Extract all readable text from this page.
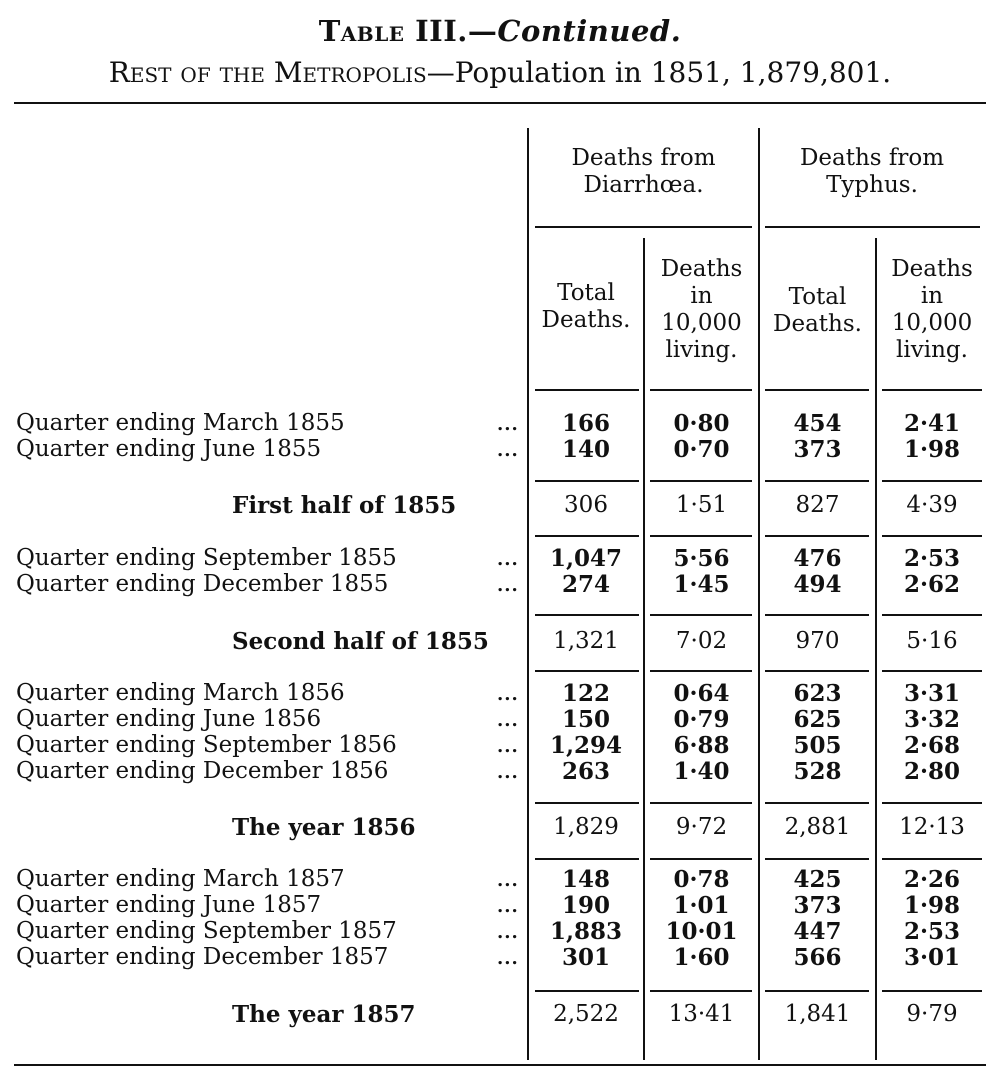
Table III.—Continued.
Rest of the Metropolis—Population in 1851, 1,879,801.
Deaths from
Diarrhœa.
Deaths from
Typhus.
Total
Deaths.
Deaths
in
10,000
living.
Total
Deaths.
Deaths
in
10,000
living.
Quarter ending March 1855	...	166	0·80	454	2·41
Quarter ending June 1855	...	140	0·70	373	1·98
First half of 1855	306	1·51	827	4·39
Quarter ending September 1855	...	1,047	5·56	476	2·53
Quarter ending December 1855	...	274	1·45	494	2·62
Second half of 1855	1,321	7·02	970	5·16
Quarter ending March 1856	...	122	0·64	623	3·31
Quarter ending June 1856	...	150	0·79	625	3·32
Quarter ending September 1856	...	1,294	6·88	505	2·68
Quarter ending December 1856	...	263	1·40	528	2·80
The year 1856	1,829	9·72	2,881	12·13
Quarter ending March 1857	...	148	0·78	425	2·26
Quarter ending June 1857	...	190	1·01	373	1·98
Quarter ending September 1857	...	1,883	10·01	447	2·53
Quarter ending December 1857	...	301	1·60	566	3·01
The year 1857	2,522	13·41	1,841	9·79
